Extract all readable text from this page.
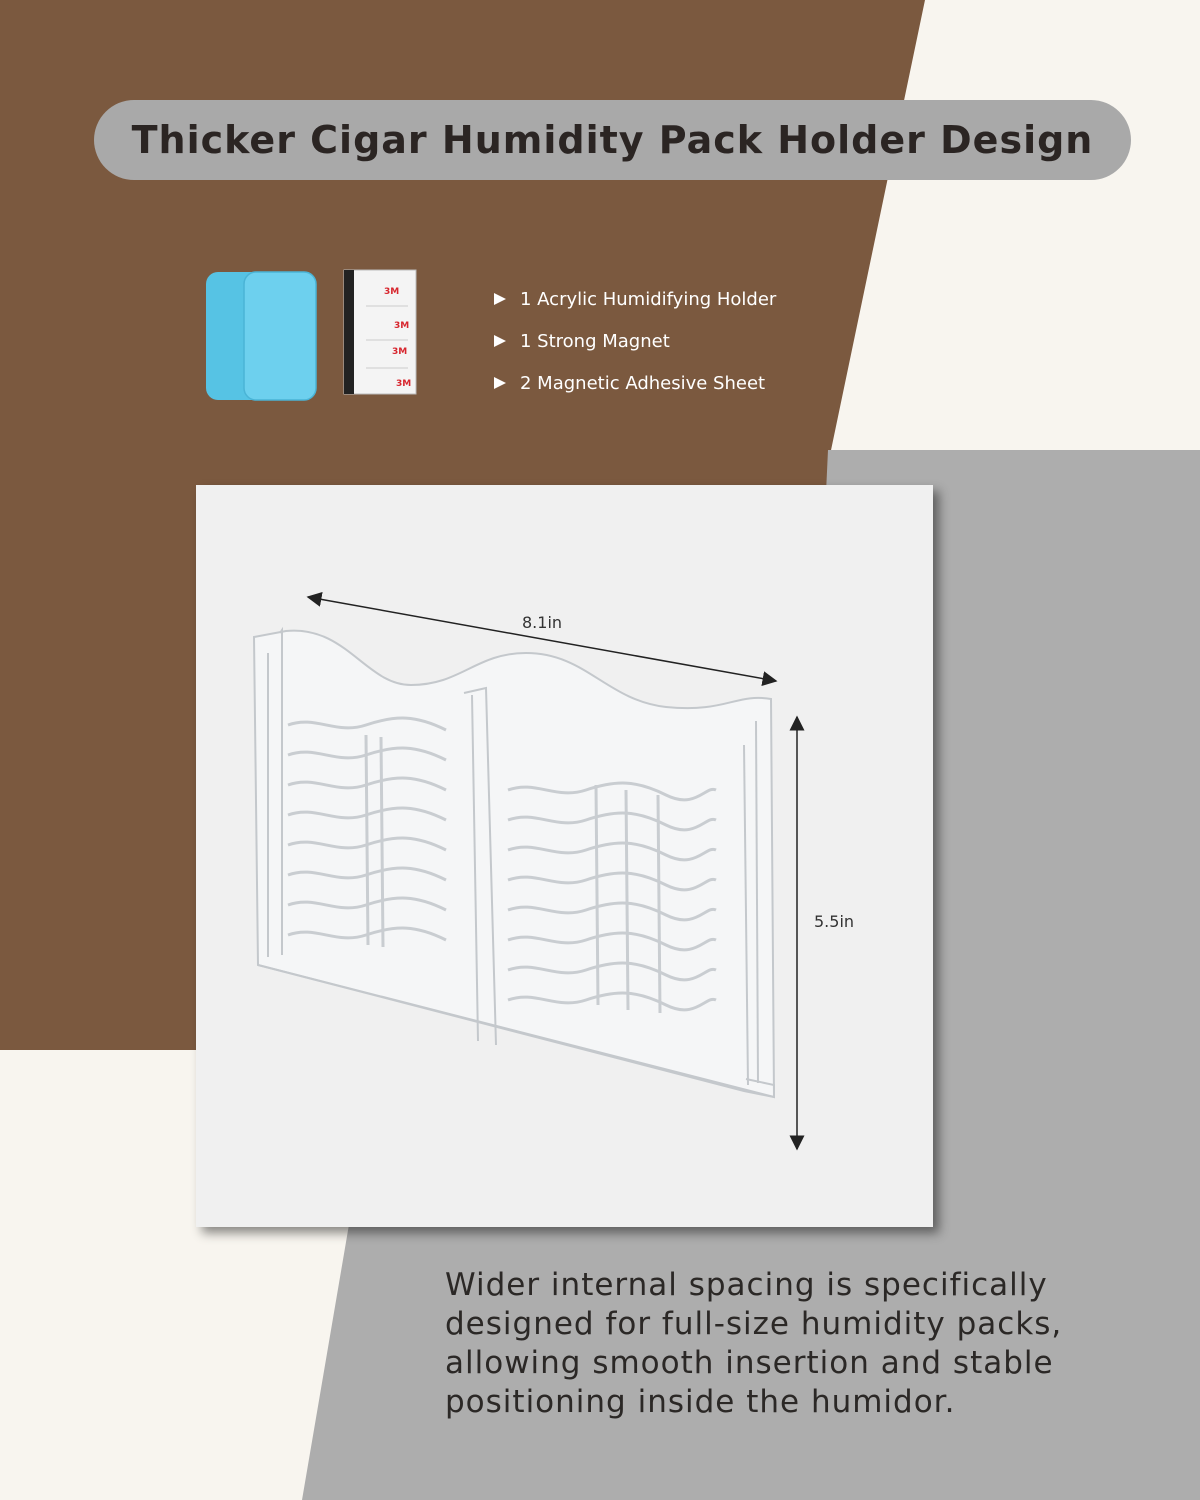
Thicker Cigar Humidity Pack Holder Design
3M
3M
3M
3M
1 Acrylic Humidifying Holder
1 Strong Magnet
2 Magnetic Adhesive Sheet
8.1in
5.5in

Wider internal spacing is specifically designed for full-size humidity packs, allowing smooth insertion and stable positioning inside the humidor.
